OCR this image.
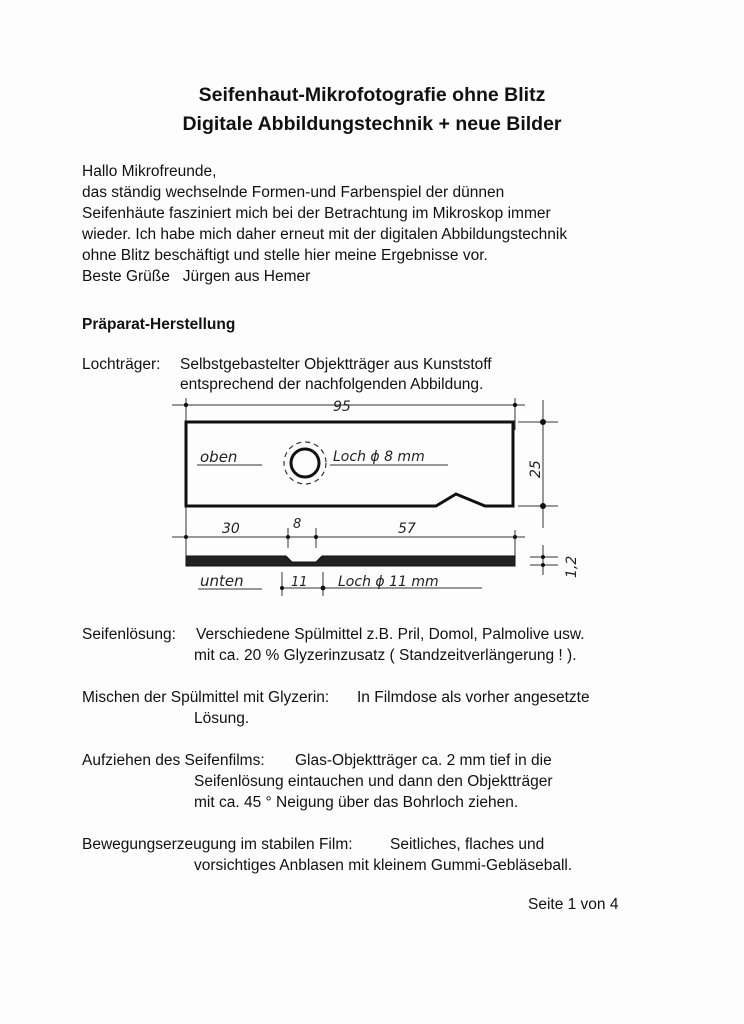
Seifenhaut-Mikrofotografie ohne Blitz
Digitale Abbildungstechnik + neue Bilder
Hallo Mikrofreunde,
das ständig wechselnde Formen-und Farbenspiel der dünnen
Seifenhäute fasziniert mich bei der Betrachtung im Mikroskop immer
wieder. Ich habe mich daher erneut mit der digitalen Abbildungstechnik
ohne Blitz beschäftigt und stelle hier meine Ergebnisse vor.
Beste Grüße   Jürgen aus Hemer
Präparat-Herstellung
Lochträger: Selbstgebastelter Objektträger aus Kunststoff
entsprechend der nachfolgenden Abbildung.
95
oben	Loch ϕ 8 mm
25
30	8	57
1,2
unten	11 Loch ϕ 11 mm
Seifenlösung: Verschiedene Spülmittel z.B. Pril, Domol, Palmolive usw.
mit ca. 20 % Glyzerinzusatz ( Standzeitverlängerung ! ).
Mischen der Spülmittel mit Glyzerin: In Filmdose als vorher angesetzte
Lösung.
Aufziehen des Seifenfilms: Glas-Objektträger ca. 2 mm tief in die
Seifenlösung eintauchen und dann den Objektträger
mit ca. 45 ° Neigung über das Bohrloch ziehen.
Bewegungserzeugung im stabilen Film: Seitliches, flaches und
vorsichtiges Anblasen mit kleinem Gummi-Gebläseball.
Seite 1 von 4
